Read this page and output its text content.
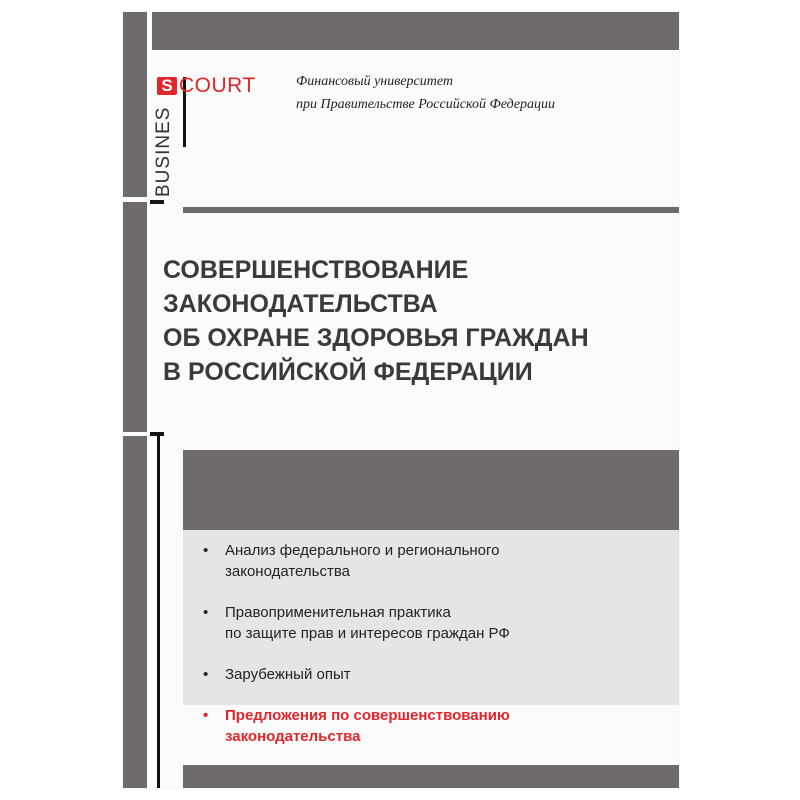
S COURT
BUSINES
Финансовый университет
при Правительстве Российской Федерации
СОВЕРШЕНСТВОВАНИЕ
ЗАКОНОДАТЕЛЬСТВА
ОБ ОХРАНЕ ЗДОРОВЬЯ ГРАЖДАН
В РОССИЙСКОЙ ФЕДЕРАЦИИ
• Анализ федерального и регионального
законодательства
• Правоприменительная практика
по защите прав и интересов граждан РФ
• Зарубежный опыт
• Предложения по совершенствованию
законодательства
